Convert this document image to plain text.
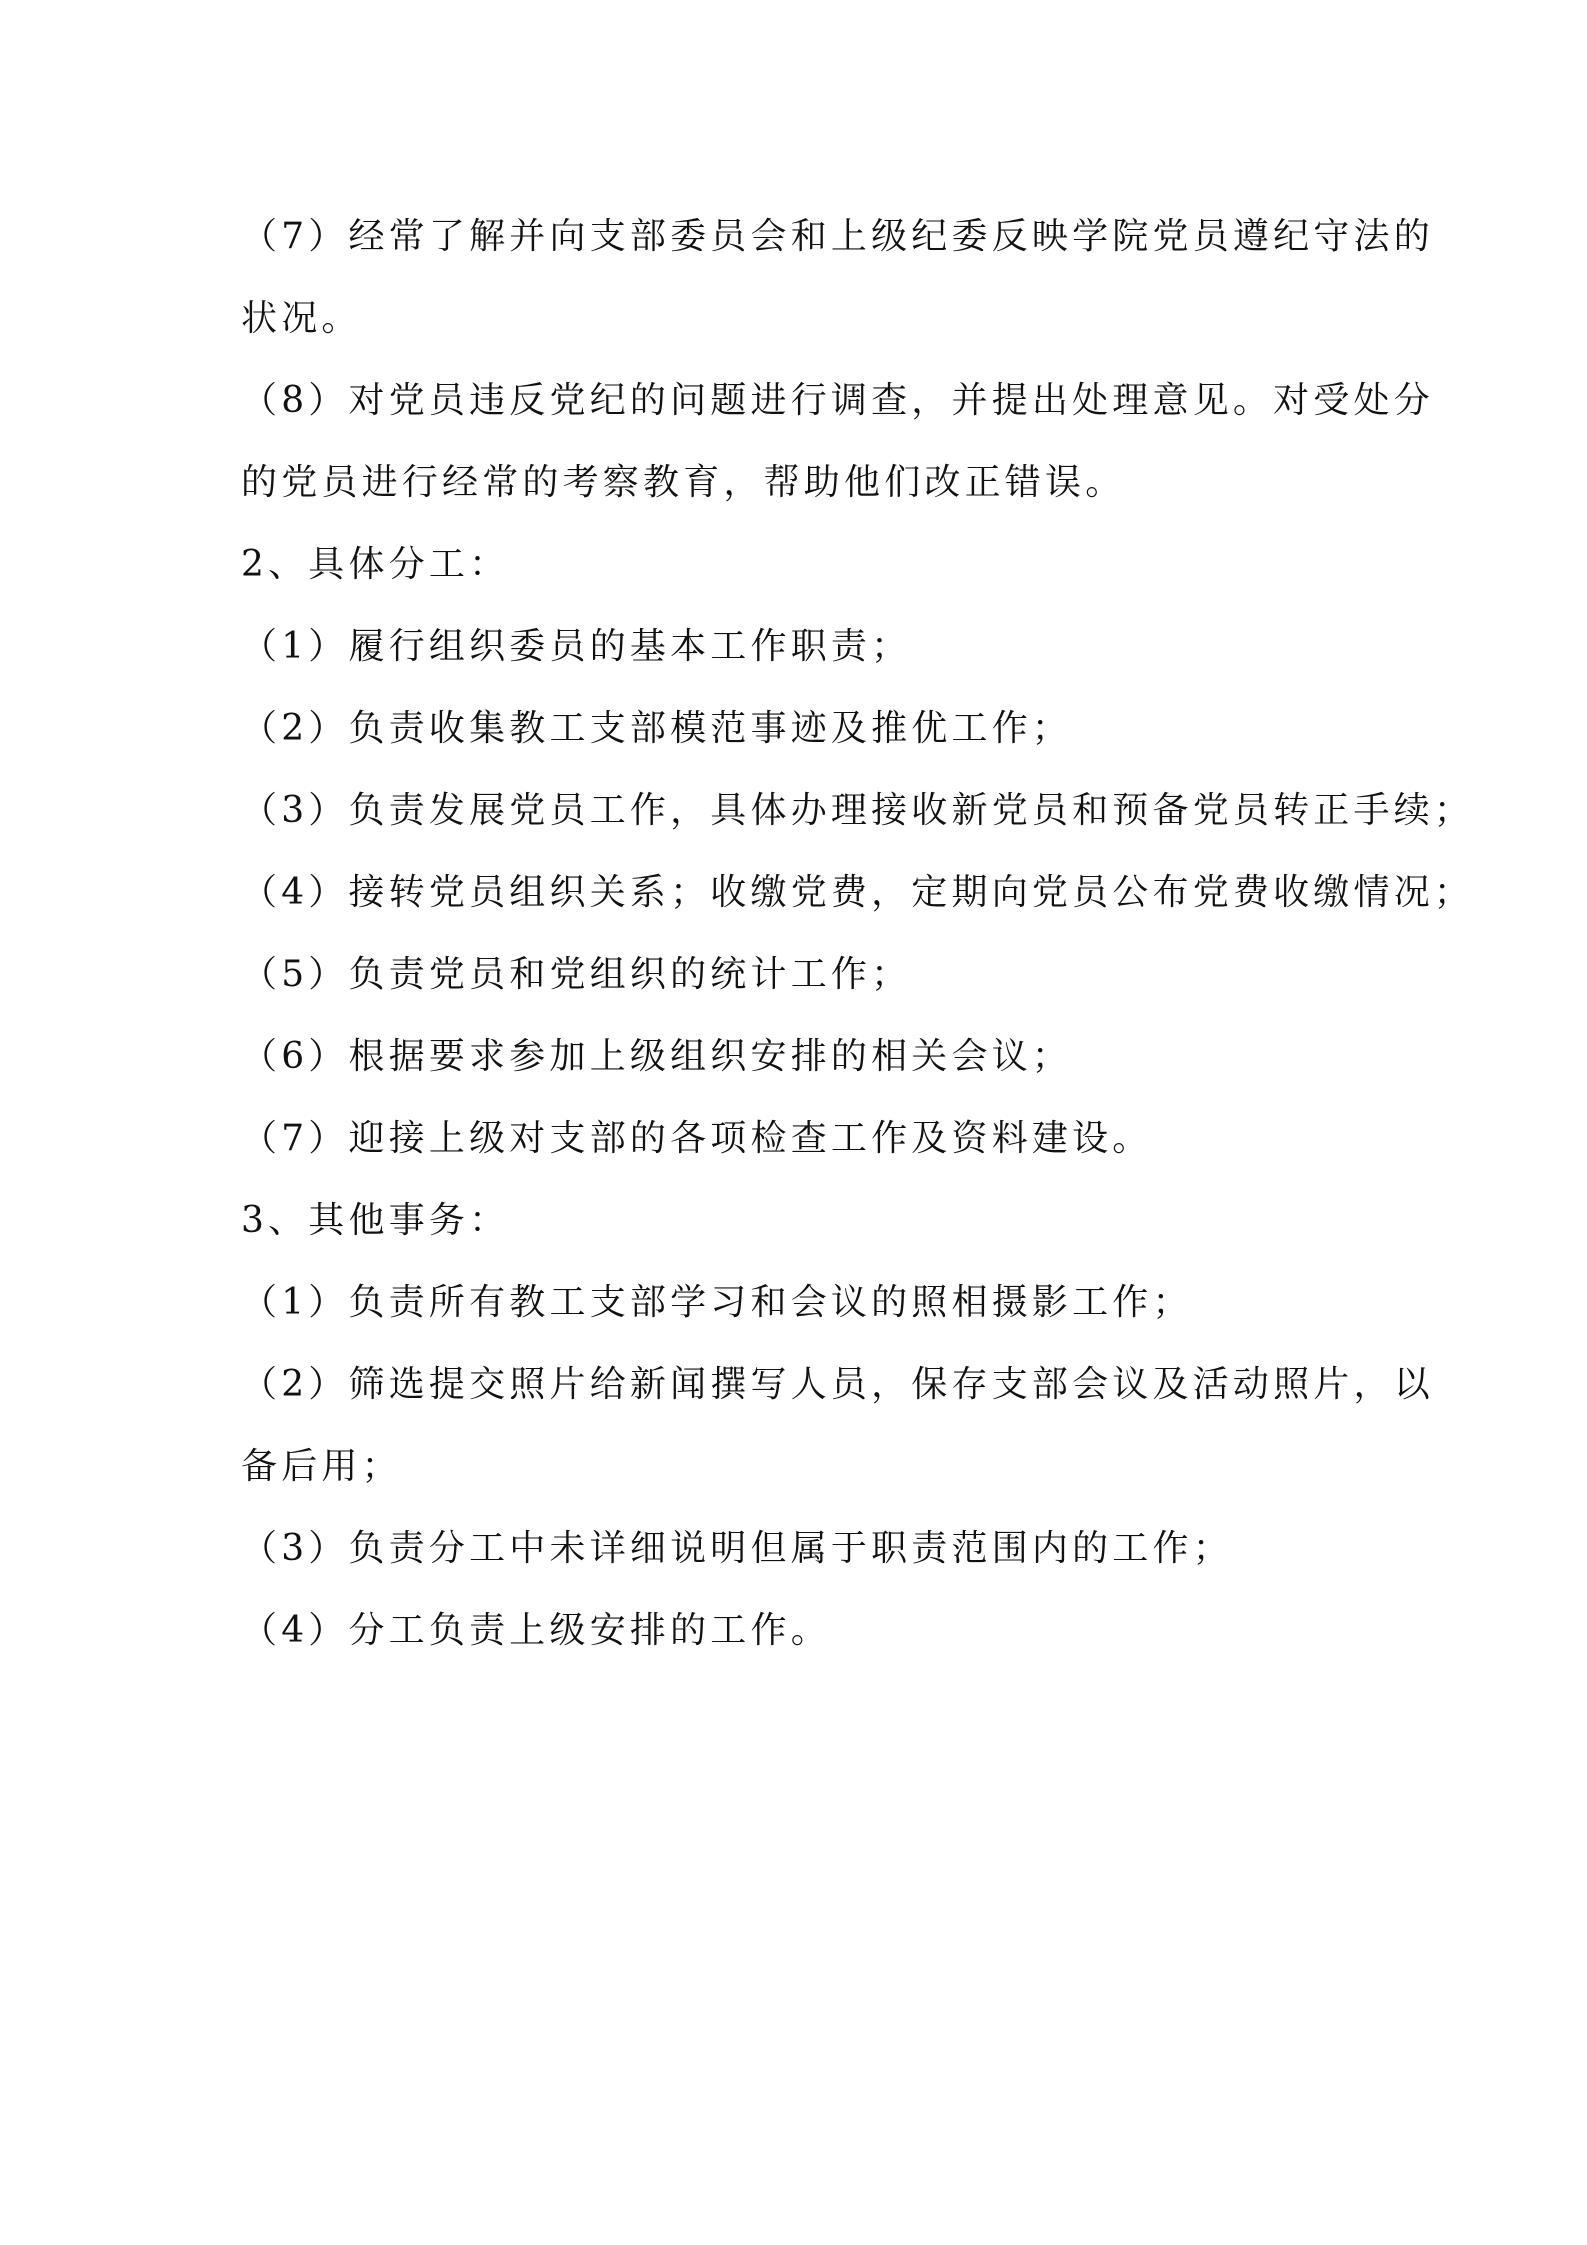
（7）经常了解并向支部委员会和上级纪委反映学院党员遵纪守法的
状况。
（8）对党员违反党纪的问题进行调查，并提出处理意见。对受处分
的党员进行经常的考察教育，帮助他们改正错误。
2、具体分工：
（1）履行组织委员的基本工作职责；
（2）负责收集教工支部模范事迹及推优工作；
（3）负责发展党员工作，具体办理接收新党员和预备党员转正手续；
（4）接转党员组织关系；收缴党费，定期向党员公布党费收缴情况；
（5）负责党员和党组织的统计工作；
（6）根据要求参加上级组织安排的相关会议；
（7）迎接上级对支部的各项检查工作及资料建设。
3、其他事务：
（1）负责所有教工支部学习和会议的照相摄影工作；
（2）筛选提交照片给新闻撰写人员，保存支部会议及活动照片，以
备后用；
（3）负责分工中未详细说明但属于职责范围内的工作；
（4）分工负责上级安排的工作。
